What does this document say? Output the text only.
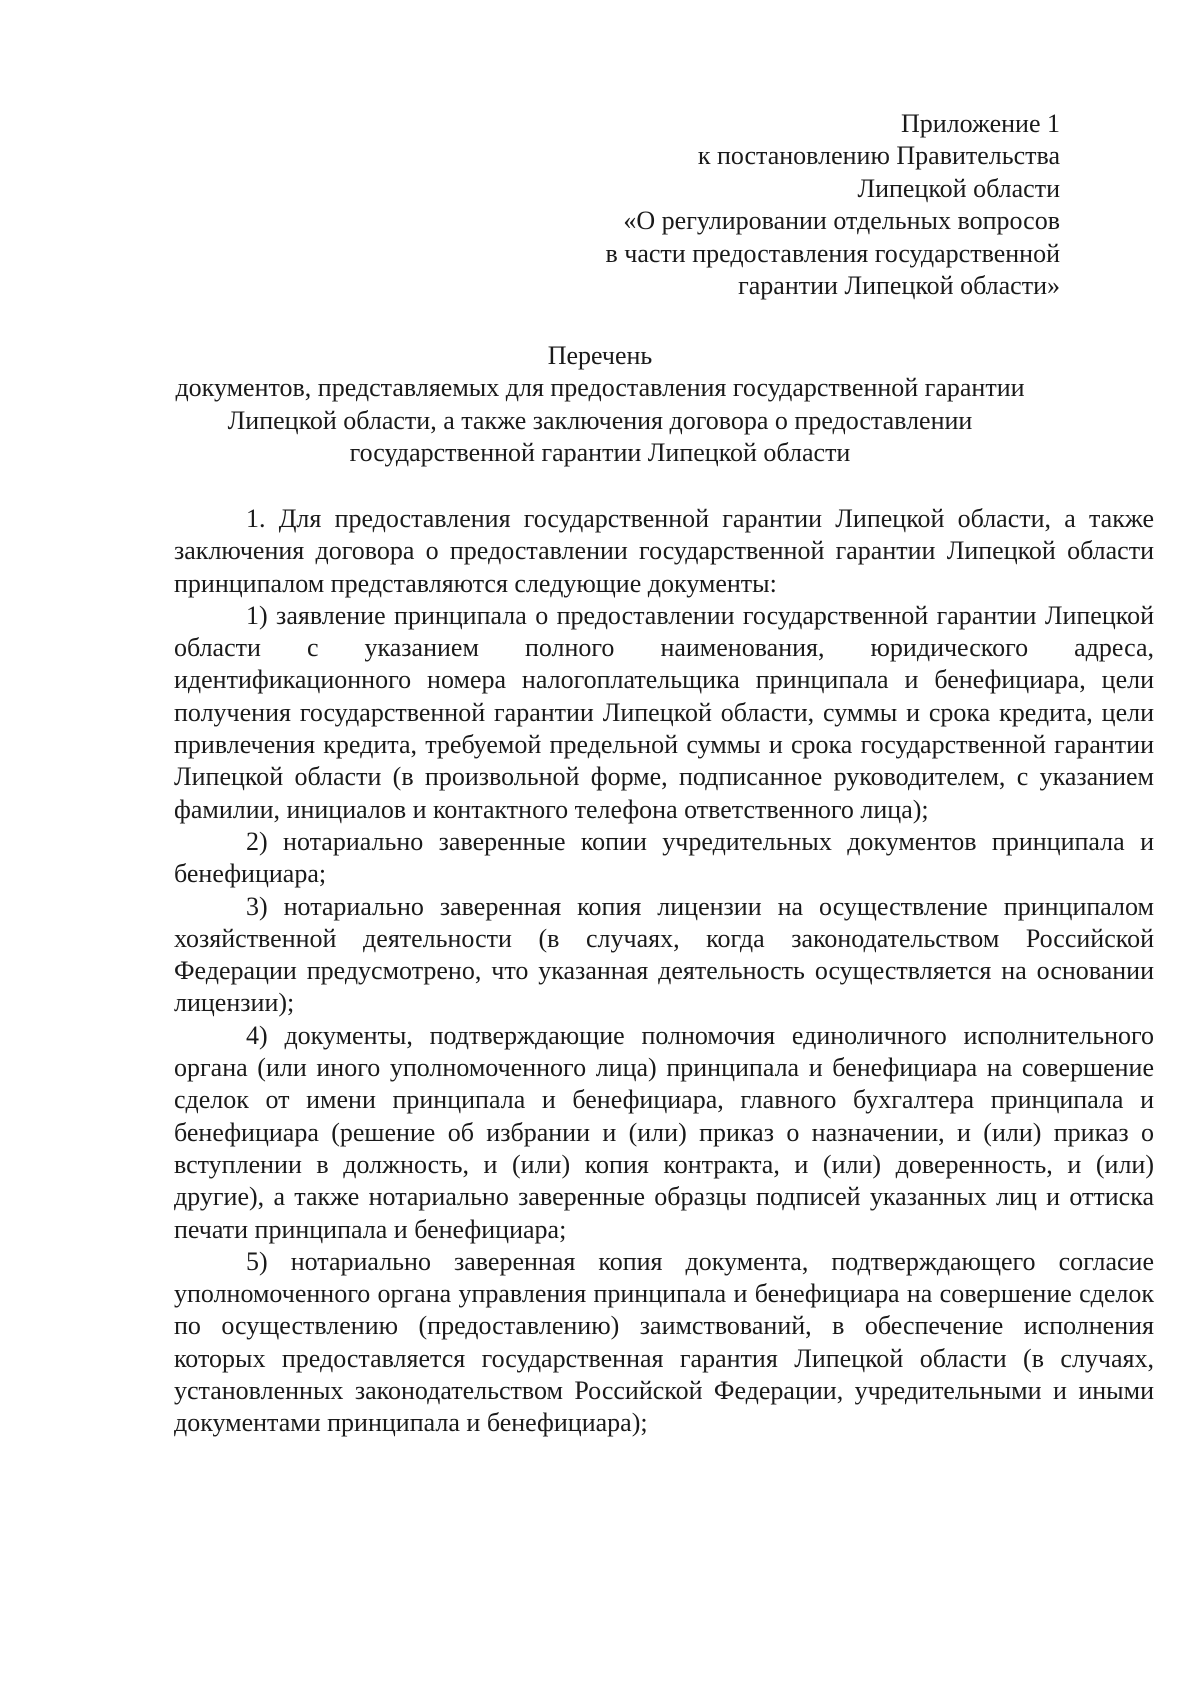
Приложение 1
к постановлению Правительства
Липецкой области
«О регулировании отдельных вопросов
в части предоставления государственной
гарантии Липецкой области»
Перечень
документов, представляемых для предоставления государственной гарантии
Липецкой области, а также заключения договора о предоставлении
государственной гарантии Липецкой области

1. Для предоставления государственной гарантии Липецкой области, а также заключения договора о предоставлении государственной гарантии Липецкой области принципалом представляются следующие документы:

1) заявление принципала о предоставлении государственной гарантии Липецкой области с указанием полного наименования, юридического адреса, идентификационного номера налогоплательщика принципала и бенефициара, цели получения государственной гарантии Липецкой области, суммы и срока кредита, цели привлечения кредита, требуемой предельной суммы и срока государственной гарантии Липецкой области (в произвольной форме, подписанное руководителем, с указанием фамилии, инициалов и контактного телефона ответственного лица);

2) нотариально заверенные копии учредительных документов принципала и бенефициара;

3) нотариально заверенная копия лицензии на осуществление принципалом хозяйственной деятельности (в случаях, когда законодательством Российской Федерации предусмотрено, что указанная деятельность осуществляется на основании лицензии);

4) документы, подтверждающие полномочия единоличного исполнительного органа (или иного уполномоченного лица) принципала и бенефициара на совершение сделок от имени принципала и бенефициара, главного бухгалтера принципала и бенефициара (решение об избрании и (или) приказ о назначении, и (или) приказ о вступлении в должность, и (или) копия контракта, и (или) доверенность, и (или) другие), а также нотариально заверенные образцы подписей указанных лиц и оттиска печати принципала и бенефициара;

5) нотариально заверенная копия документа, подтверждающего согласие уполномоченного органа управления принципала и бенефициара на совершение сделок по осуществлению (предоставлению) заимствований, в обеспечение исполнения которых предоставляется государственная гарантия Липецкой области (в случаях, установленных законодательством Российской Федерации, учредительными и иными документами принципала и бенефициара);
